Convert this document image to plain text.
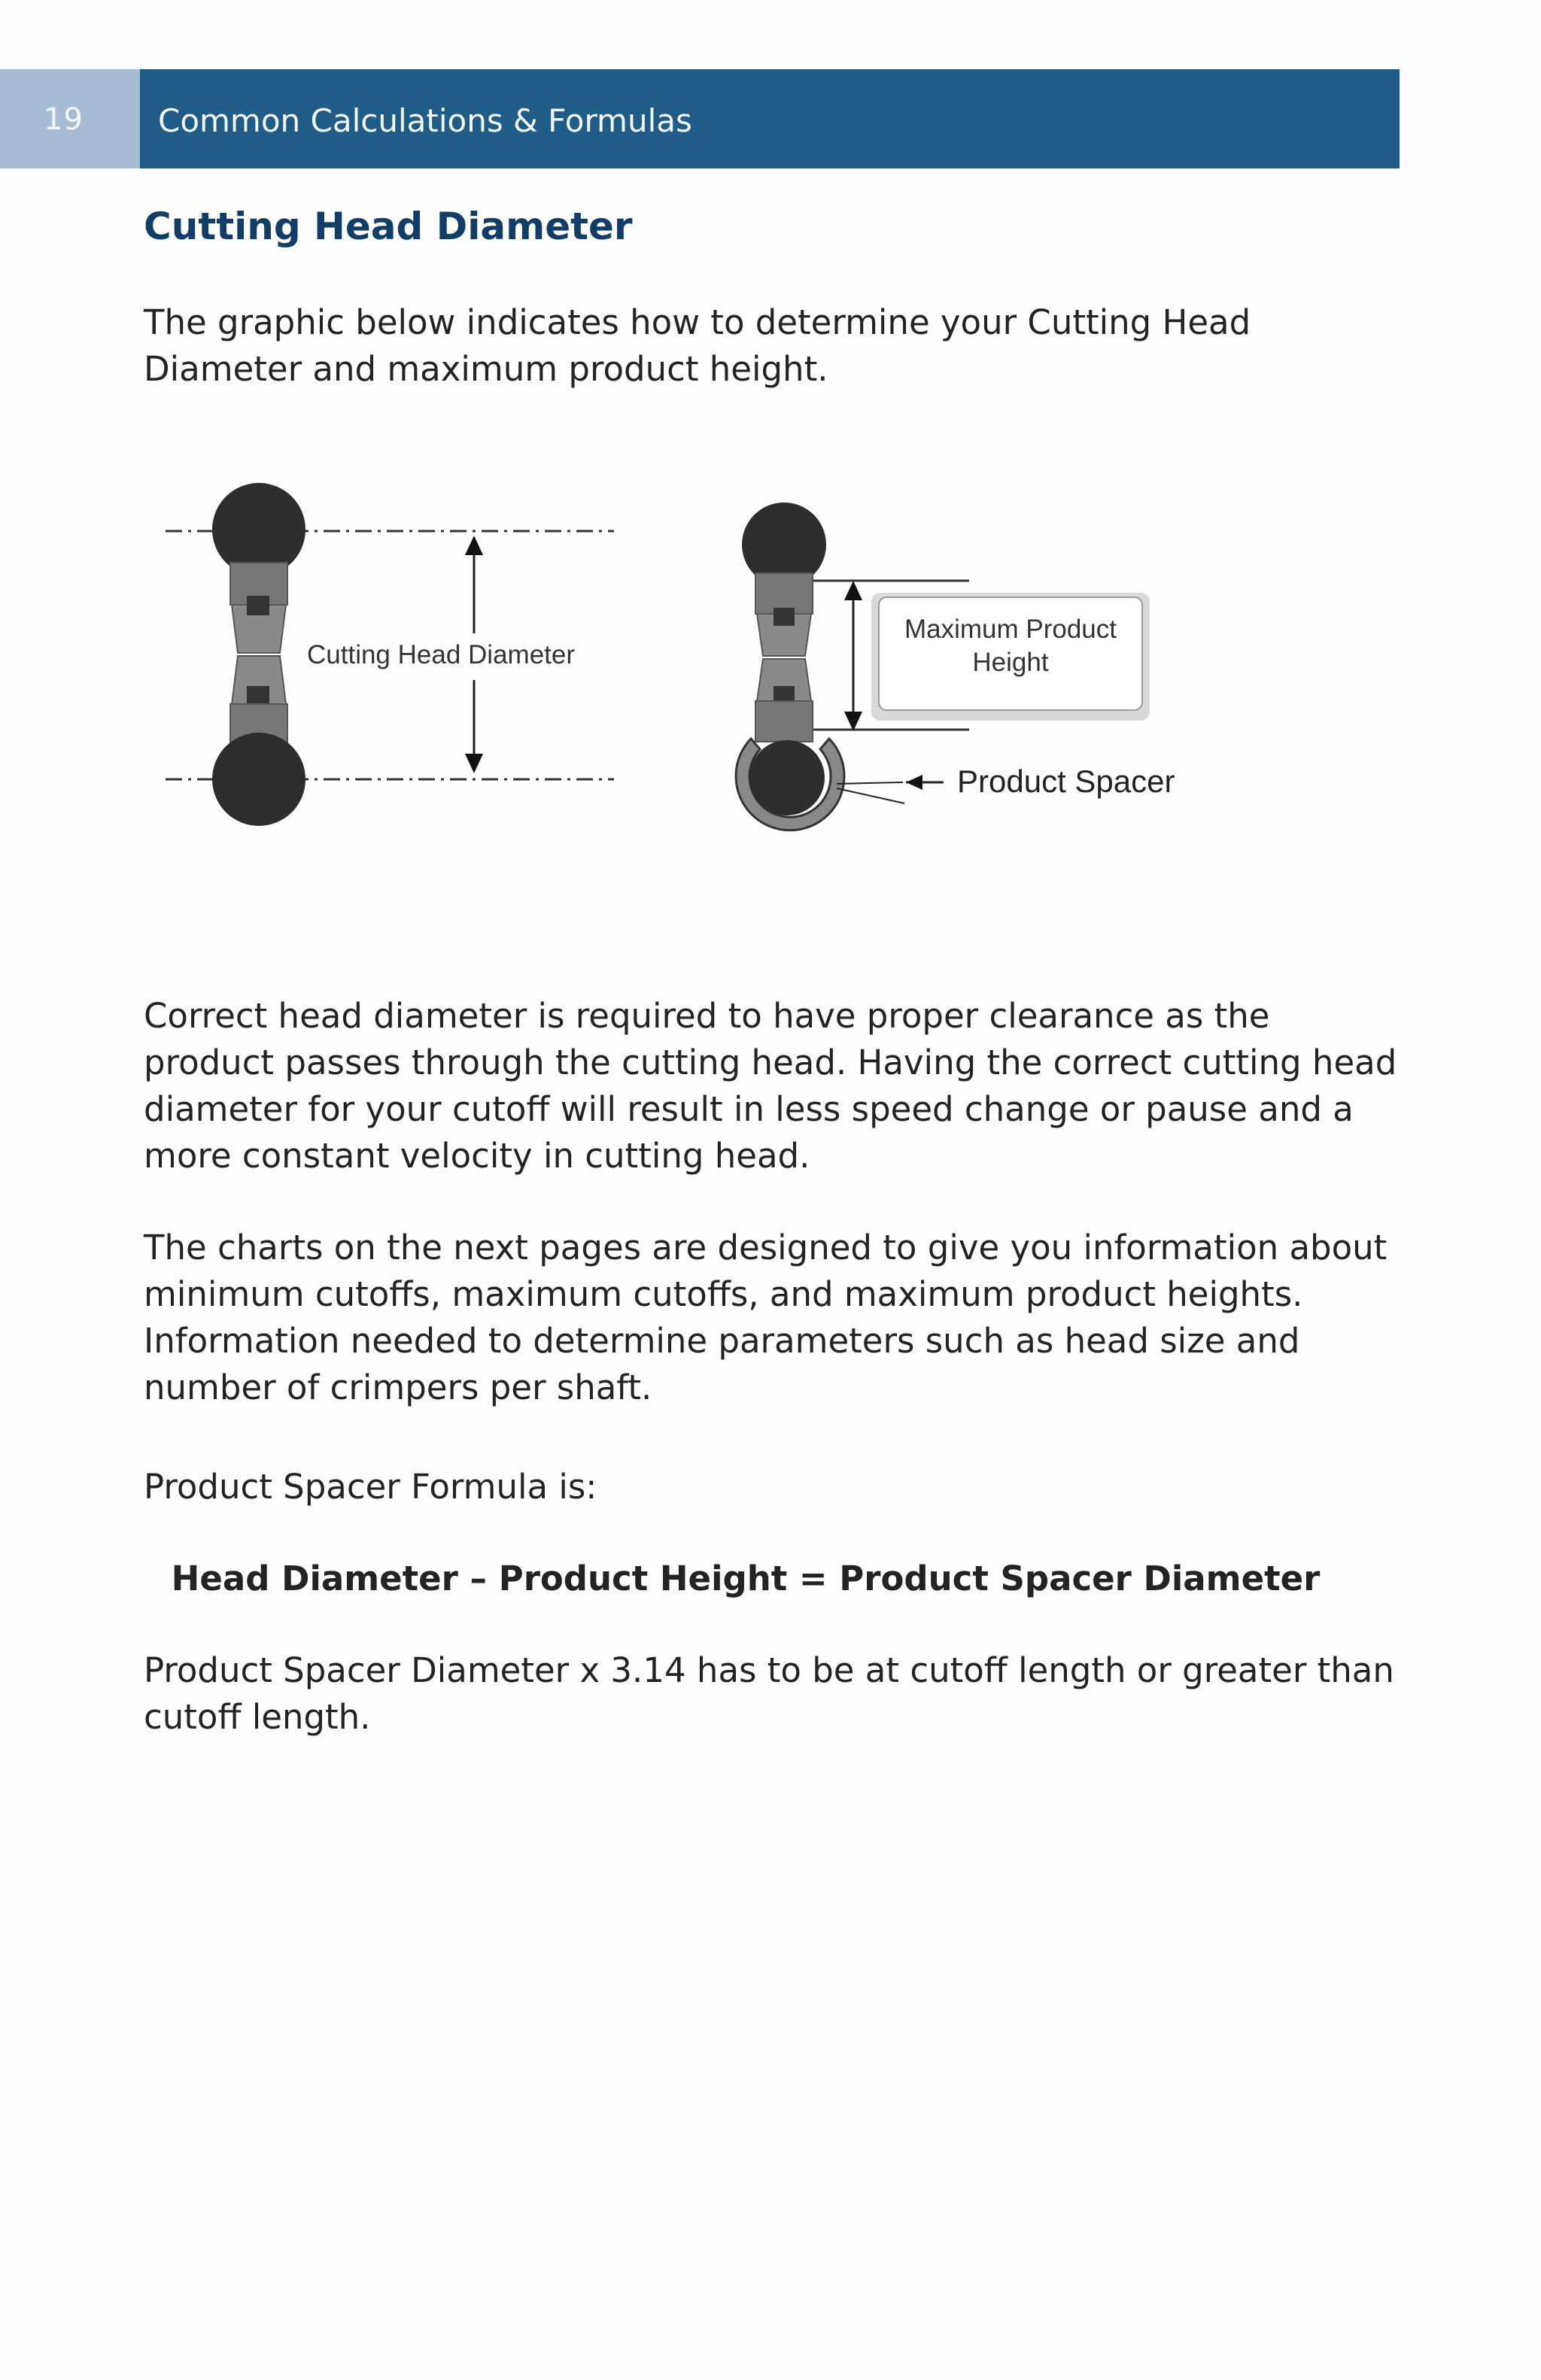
19 Common Calculations & Formulas
Cutting Head Diameter

The graphic below indicates how to determine your Cutting Head Diameter and maximum product height.

Cutting Head Diameter
Maximum Product
Height
Product Spacer

Correct head diameter is required to have proper clearance as the product passes through the cutting head. Having the correct cutting head diameter for your cutoff will result in less speed change or pause and a more constant velocity in cutting head.

The charts on the next pages are designed to give you information about minimum cutoffs, maximum cutoffs, and maximum product heights. Information needed to determine parameters such as head size and number of crimpers per shaft.

Product Spacer Formula is:

Head Diameter – Product Height = Product Spacer Diameter

Product Spacer Diameter x 3.14 has to be at cutoff length or greater than cutoff length.
